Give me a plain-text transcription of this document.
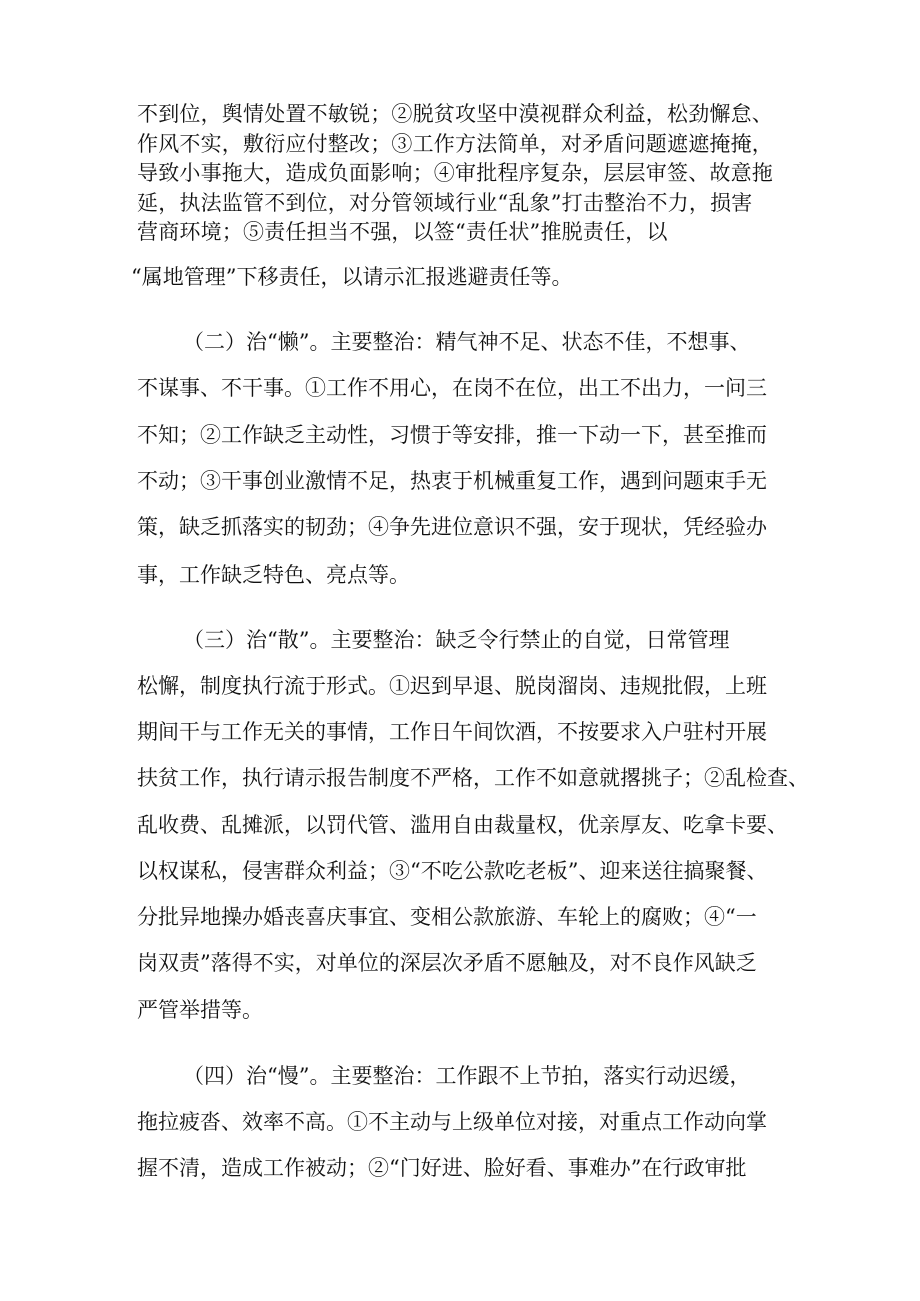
不到位，舆情处置不敏锐；②脱贫攻坚中漠视群众利益，松劲懈怠、
作风不实，敷衍应付整改；③工作方法简单，对矛盾问题遮遮掩掩，
导致小事拖大，造成负面影响；④审批程序复杂，层层审签、故意拖
延，执法监管不到位，对分管领域行业“乱象”打击整治不力，损害
营商环境；⑤责任担当不强，以签“责任状”推脱责任，以
“属地管理”下移责任，以请示汇报逃避责任等。
（二）治“懒”。主要整治：精气神不足、状态不佳，不想事、
不谋事、不干事。①工作不用心，在岗不在位，出工不出力，一问三
不知；②工作缺乏主动性，习惯于等安排，推一下动一下，甚至推而
不动；③干事创业激情不足，热衷于机械重复工作，遇到问题束手无
策，缺乏抓落实的韧劲；④争先进位意识不强，安于现状，凭经验办
事，工作缺乏特色、亮点等。
（三）治“散”。主要整治：缺乏令行禁止的自觉，日常管理
松懈，制度执行流于形式。①迟到早退、脱岗溜岗、违规批假，上班
期间干与工作无关的事情，工作日午间饮酒，不按要求入户驻村开展
扶贫工作，执行请示报告制度不严格，工作不如意就撂挑子；②乱检查、
乱收费、乱摊派，以罚代管、滥用自由裁量权，优亲厚友、吃拿卡要、
以权谋私，侵害群众利益；③“不吃公款吃老板”、迎来送往搞聚餐、
分批异地操办婚丧喜庆事宜、变相公款旅游、车轮上的腐败；④“一
岗双责”落得不实，对单位的深层次矛盾不愿触及，对不良作风缺乏
严管举措等。
（四）治“慢”。主要整治：工作跟不上节拍，落实行动迟缓，
拖拉疲沓、效率不高。①不主动与上级单位对接，对重点工作动向掌
握不清，造成工作被动；②“门好进、脸好看、事难办”在行政审批
